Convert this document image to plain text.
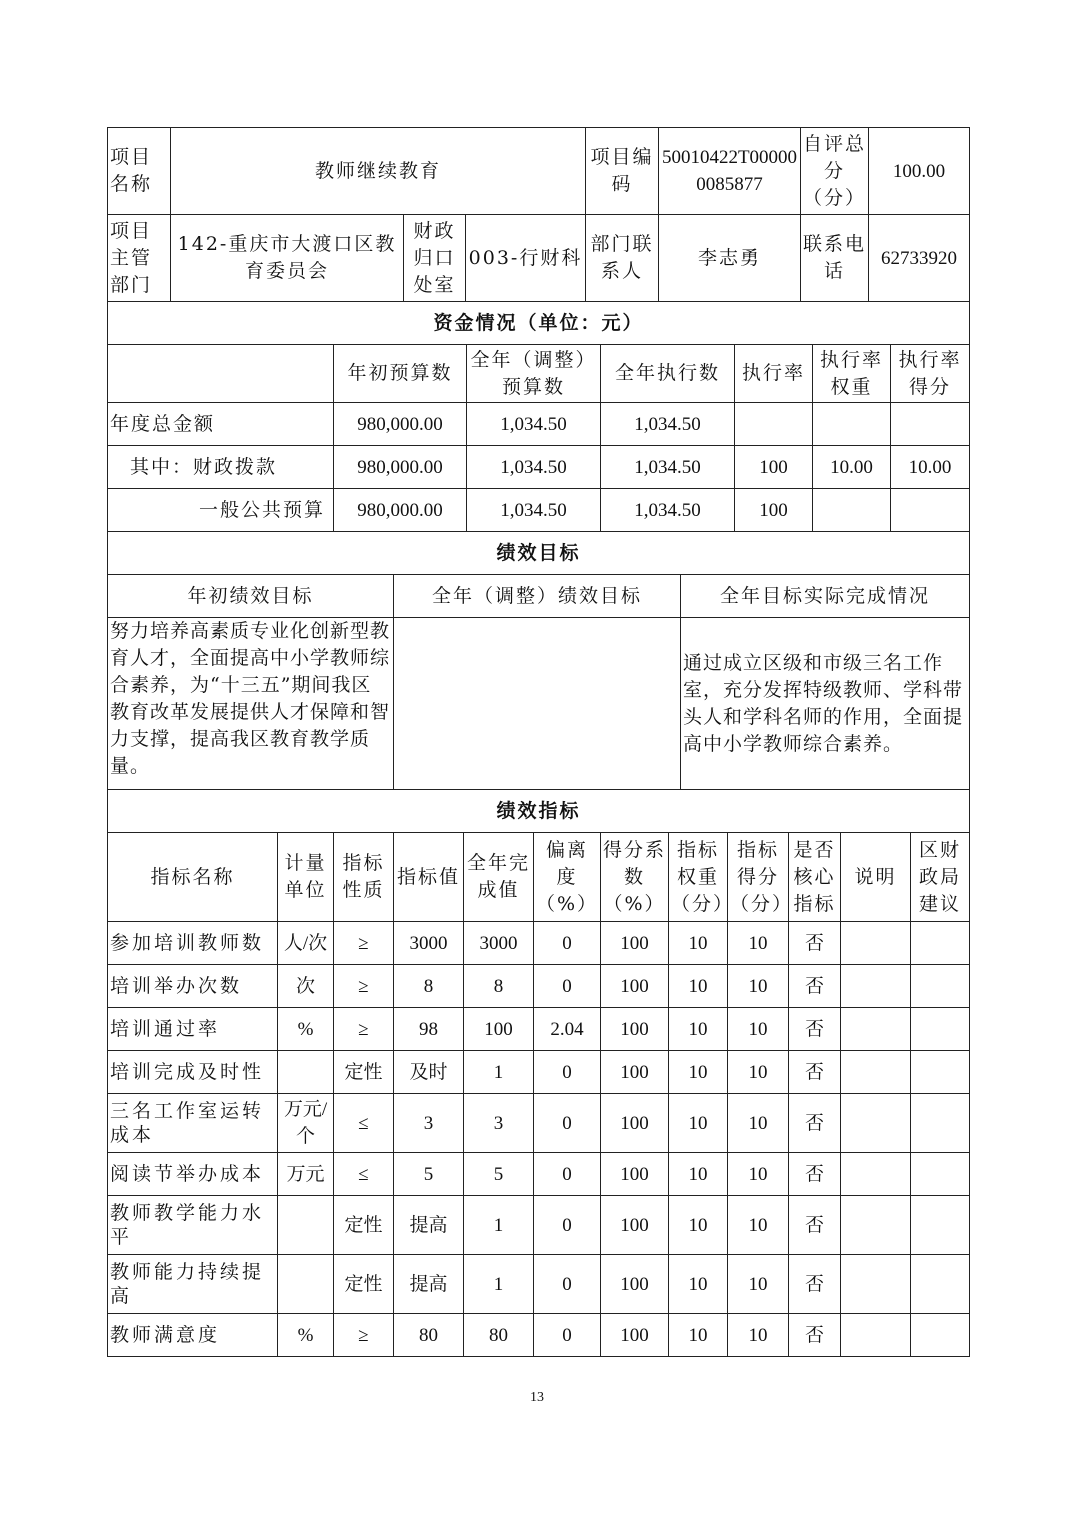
项目名称	教师继续教育			项目编码	50010422T000000085877	自评总分（分）	100.00
项目主管部门	142-重庆市大渡口区教育委员会	财政归口处室	003-行财科	部门联系人	李志勇	联系电话	62733920
资金情况（单位：元）							
	年初预算数	全年（调整）预算数	全年执行数	执行率	执行率权重	执行率得分
年度总金额	980,000.00	1,034.50	1,034.50			
其中：财政拨款	980,000.00	1,034.50	1,034.50	100	10.00	10.00
一般公共预算	980,000.00	1,034.50	1,034.50	100		
绩效目标		
年初绩效目标	全年（调整）绩效目标	全年目标实际完成情况
努力培养高素质专业化创新型教育人才，全面提高中小学教师综合素养，为“十三五”期间我区教育改革发展提供人才保障和智力支撑，提高我区教育教学质量。		通过成立区级和市级三名工作室，充分发挥特级教师、学科带头人和学科名师的作用，全面提高中小学教师综合素养。
绩效指标		
指标名称	计量单位	指标性质	指标值	全年完成值	偏离度（%）	得分系数（%）	指标权重（分）	指标得分（分）	是否核心指标	说明	区财政局建议
参加培训教师数	人/次	≥	3000	3000	0	100	10	10	否		
培训举办次数	次	≥	8	8	0	100	10	10	否		
培训通过率	%	≥	98	100	2.04	100	10	10	否		
培训完成及时性		定性	及时	1	0	100	10	10	否		
三名工作室运转成本	万元/个	≤	3	3	0	100	10	10	否		
阅读节举办成本	万元	≤	5	5	0	100	10	10	否		
教师教学能力水平		定性	提高	1	0	100	10	10	否		
教师能力持续提高		定性	提高	1	0	100	10	10	否		
教师满意度	%	≥	80	80	0	100	10	10	否		
13
